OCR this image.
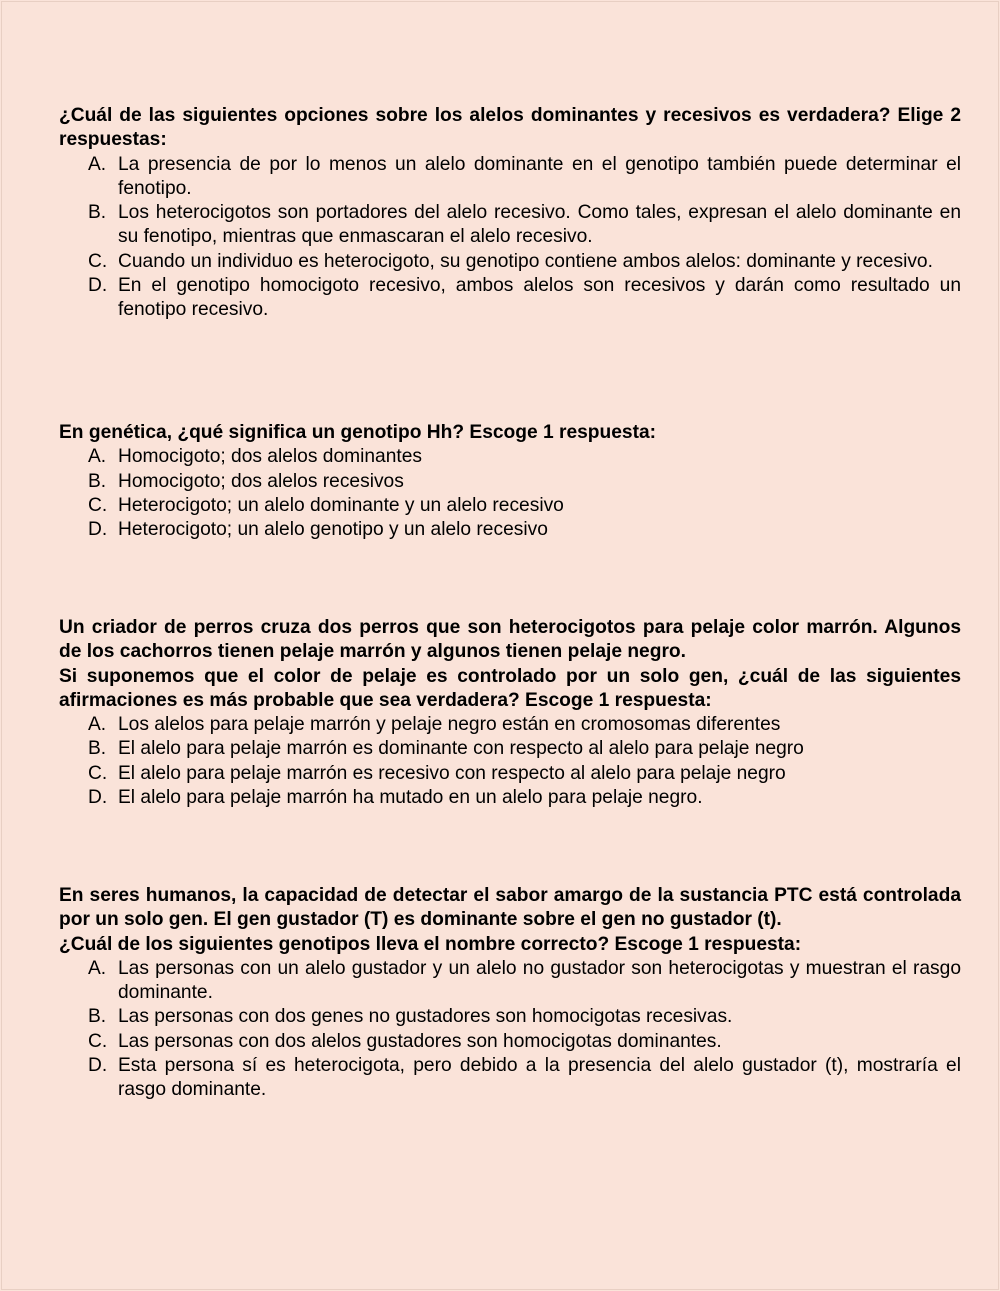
¿Cuál de las siguientes opciones sobre los alelos dominantes y recesivos es verdadera? Elige 2 respuestas:
A. La presencia de por lo menos un alelo dominante en el genotipo también puede determinar el fenotipo.
B. Los heterocigotos son portadores del alelo recesivo. Como tales, expresan el alelo dominante en su fenotipo, mientras que enmascaran el alelo recesivo.
C. Cuando un individuo es heterocigoto, su genotipo contiene ambos alelos: dominante y recesivo.
D. En el genotipo homocigoto recesivo, ambos alelos son recesivos y darán como resultado un fenotipo recesivo.
En genética, ¿qué significa un genotipo Hh? Escoge 1 respuesta:
A. Homocigoto; dos alelos dominantes
B. Homocigoto; dos alelos recesivos
C. Heterocigoto; un alelo dominante y un alelo recesivo
D. Heterocigoto; un alelo genotipo y un alelo recesivo
Un criador de perros cruza dos perros que son heterocigotos para pelaje color marrón. Algunos de los cachorros tienen pelaje marrón y algunos tienen pelaje negro.
Si suponemos que el color de pelaje es controlado por un solo gen, ¿cuál de las siguientes afirmaciones es más probable que sea verdadera? Escoge 1 respuesta:
A. Los alelos para pelaje marrón y pelaje negro están en cromosomas diferentes
B. El alelo para pelaje marrón es dominante con respecto al alelo para pelaje negro
C. El alelo para pelaje marrón es recesivo con respecto al alelo para pelaje negro
D. El alelo para pelaje marrón ha mutado en un alelo para pelaje negro.
En seres humanos, la capacidad de detectar el sabor amargo de la sustancia PTC está controlada por un solo gen. El gen gustador (T) es dominante sobre el gen no gustador (t).
¿Cuál de los siguientes genotipos lleva el nombre correcto? Escoge 1 respuesta:
A. Las personas con un alelo gustador y un alelo no gustador son heterocigotas y muestran el rasgo dominante.
B. Las personas con dos genes no gustadores son homocigotas recesivas.
C. Las personas con dos alelos gustadores son homocigotas dominantes.
D. Esta persona sí es heterocigota, pero debido a la presencia del alelo gustador (t), mostraría el rasgo dominante.
